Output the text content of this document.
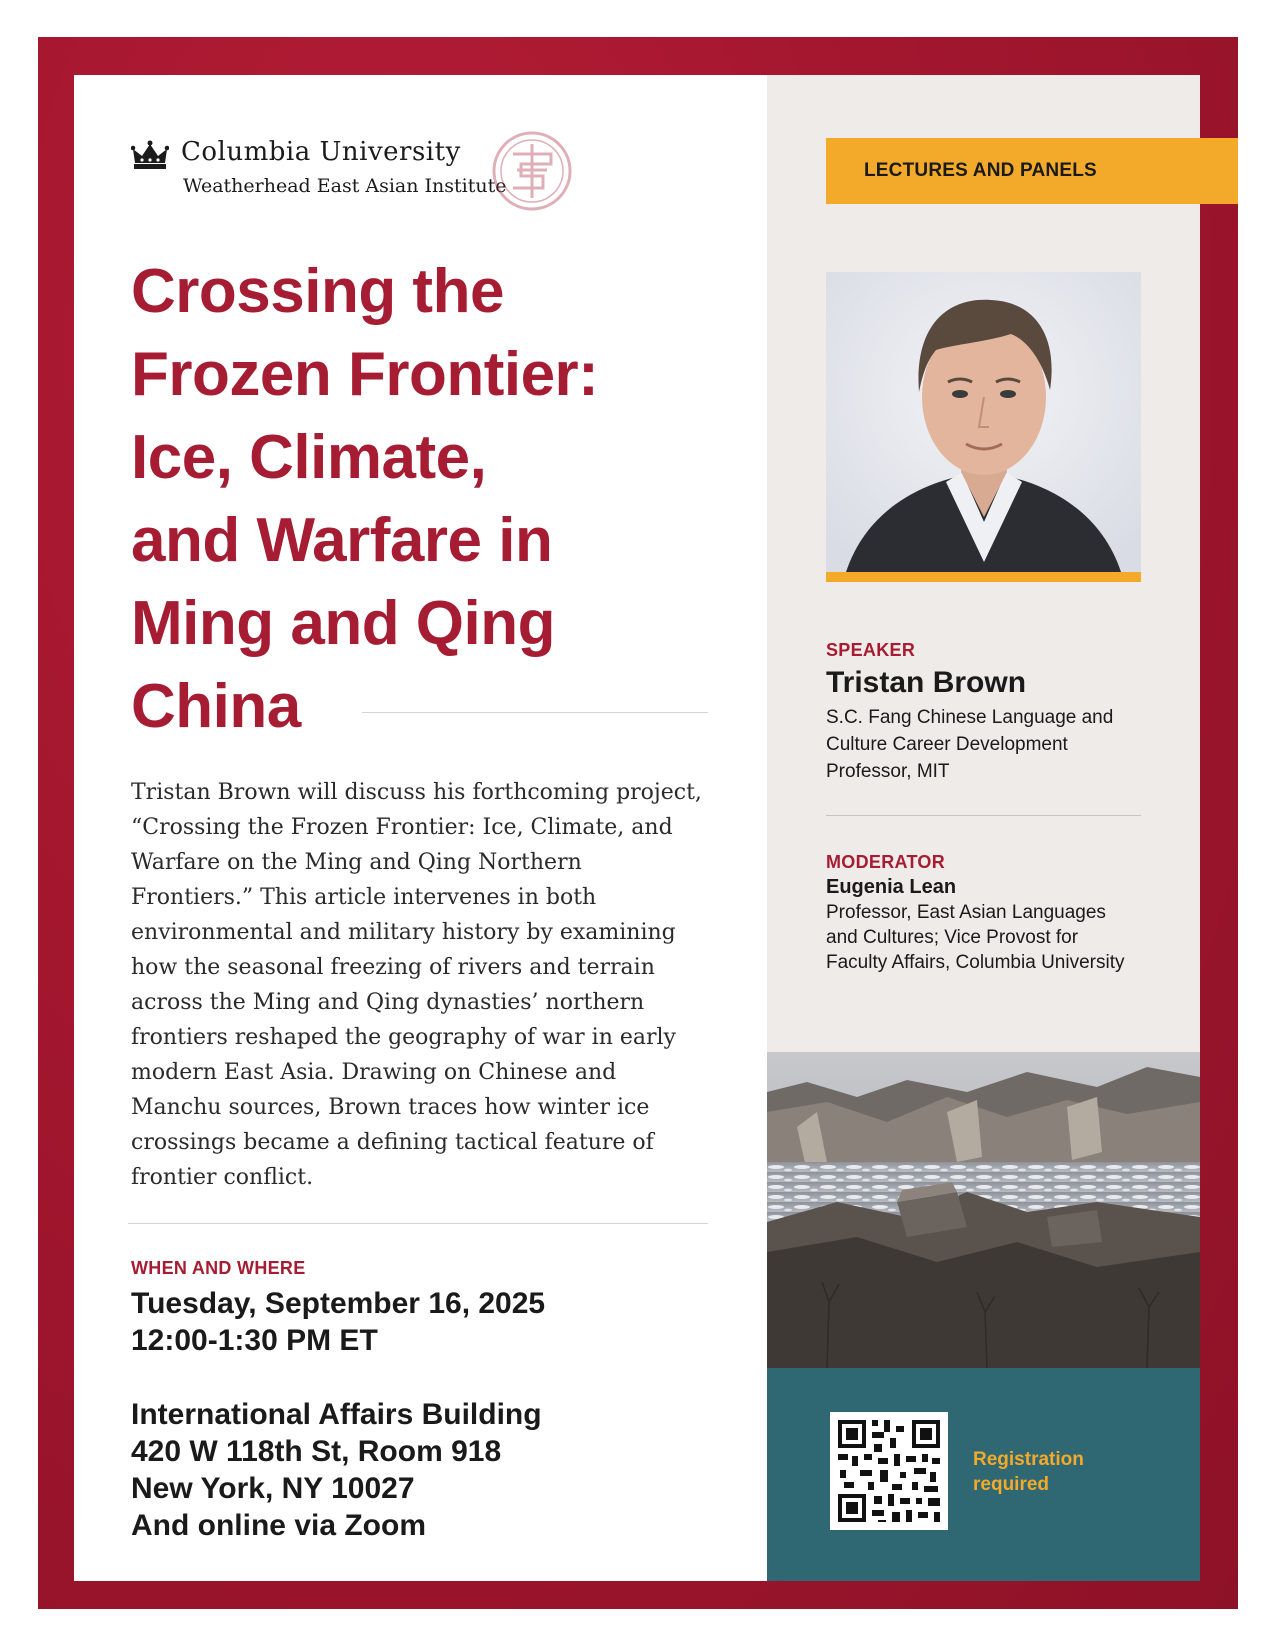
Columbia University
Weatherhead East Asian Institute
Crossing the
Frozen Frontier:
Ice, Climate,
and Warfare in
Ming and Qing
China

Tristan Brown will discuss his forthcoming project, “Crossing the Frozen Frontier: Ice, Climate, and Warfare on the Ming and Qing Northern Frontiers.” This article intervenes in both environmental and military history by examining how the seasonal freezing of rivers and terrain across the Ming and Qing dynasties’ northern frontiers reshaped the geography of war in early modern East Asia. Drawing on Chinese and Manchu sources, Brown traces how winter ice crossings became a defining tactical feature of frontier conflict.

WHEN AND WHERE
Tuesday, September 16, 2025
12:00-1:30 PM ET
International Affairs Building
420 W 118th St, Room 918
New York, NY 10027
And online via Zoom
LECTURES AND PANELS
SPEAKER
Tristan Brown
S.C. Fang Chinese Language and Culture Career Development Professor, MIT
MODERATOR
Eugenia Lean
Professor, East Asian Languages and Cultures; Vice Provost for Faculty Affairs, Columbia University
Registration required
